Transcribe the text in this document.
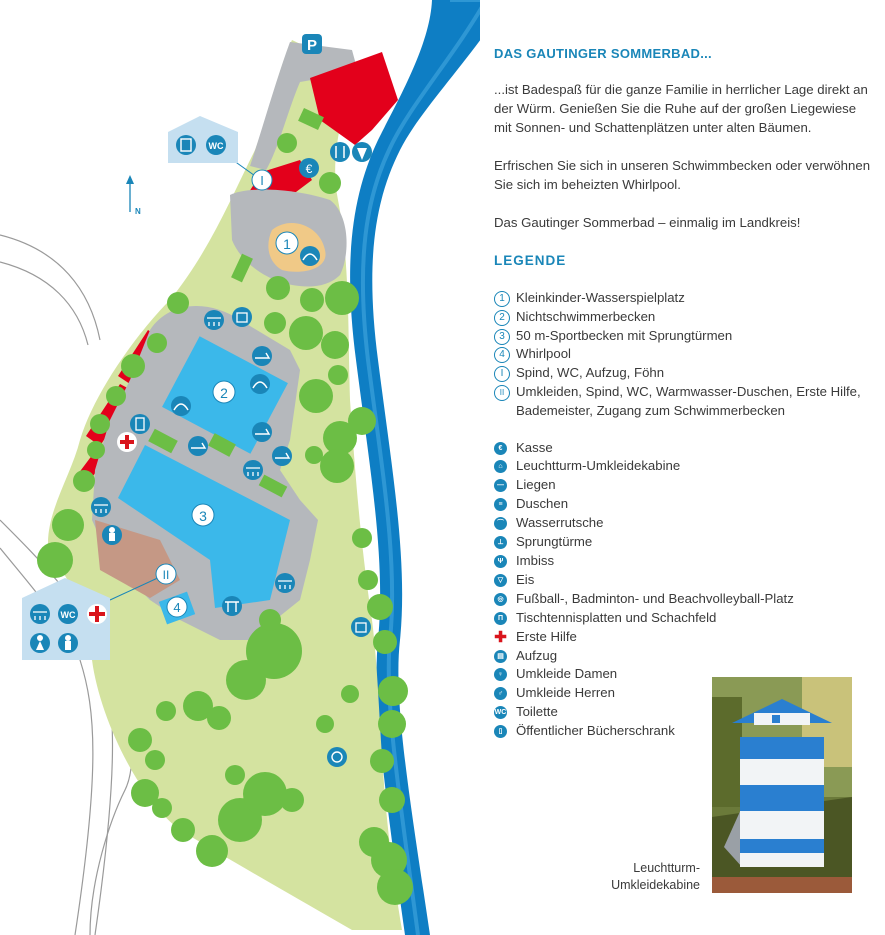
P
1
2
3
4
I
II
WC
WC
€
N
DAS GAUTINGER SOMMERBAD...

...ist Badespaß für die ganze Familie in herrlicher Lage direkt an der Würm. Genießen Sie die Ruhe auf der großen Liegewiese mit Sonnen- und Schattenplätzen unter alten Bäumen.

Erfrischen Sie sich in unseren Schwimmbecken oder verwöhnen Sie sich im beheizten Whirlpool.

Das Gautinger Sommerbad – einmalig im Landkreis!

LEGENDE
1 Kleinkinder-Wasserspielplatz
2 Nichtschwimmerbecken
3 50 m-Sportbecken mit Sprungtürmen
4 Whirlpool
I Spind, WC, Aufzug, Föhn
II Umkleiden, Spind, WC, Warmwasser-Duschen, Erste Hilfe, Bademeister, Zugang zum Schwimmerbecken
€	Kasse
⌂	Leuchtturm-Umkleidekabine
— Liegen
≡	Duschen
⌒ Wasserrutsche
⊥ Sprungtürme
Ψ Imbiss
▽ Eis
◎ Fußball-, Badminton- und Beachvolleyball-Platz
Π Tischtennisplatten und Schachfeld
✚ Erste Hilfe
▤ Aufzug
♀ Umkleide Damen
♂ Umkleide Herren
WC Toilette
▯	Öffentlicher Bücherschrank
Leuchtturm-
Umkleidekabine
